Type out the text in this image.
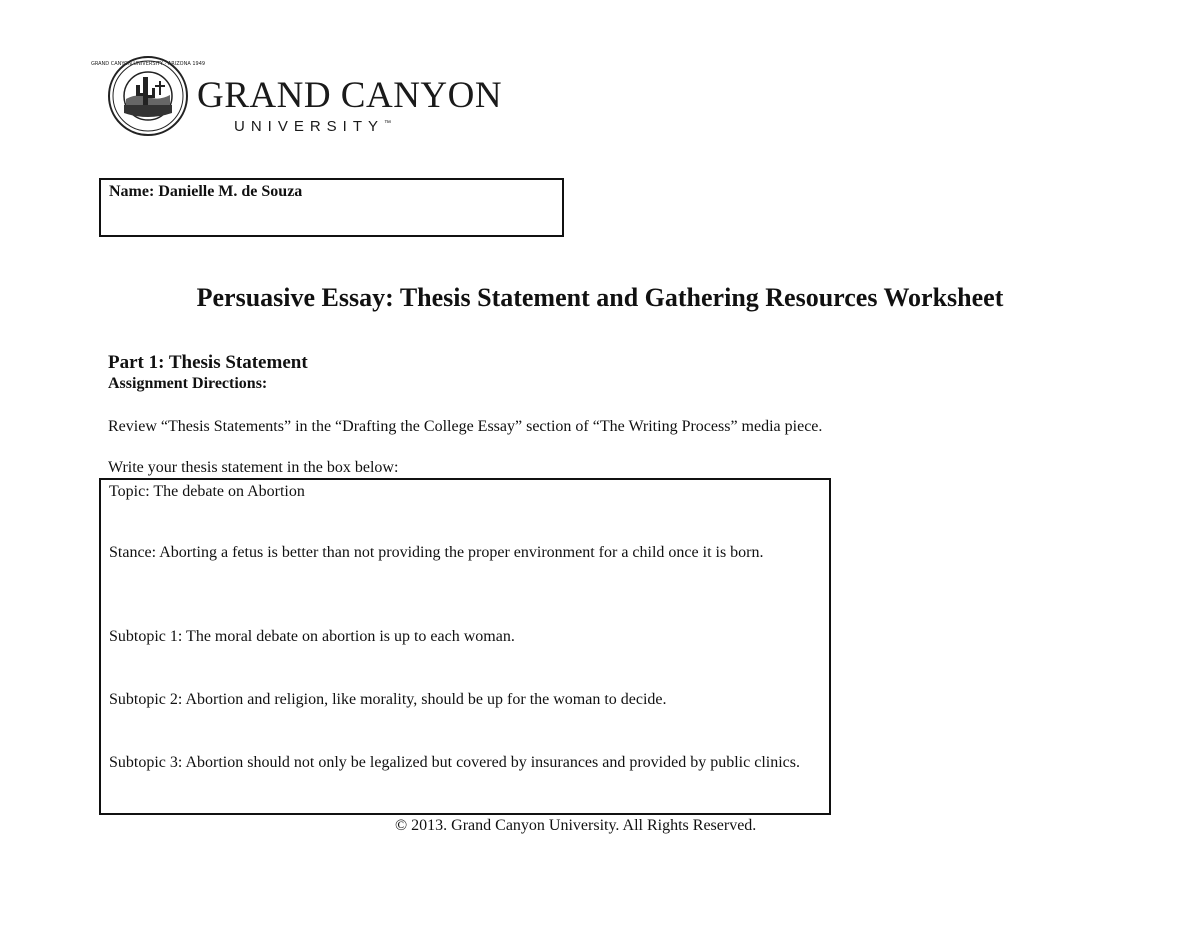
GRAND CANYON UNIVERSITY · ARIZONA 1949
GRAND CANYON
UNIVERSITY™
Name: Danielle M. de Souza
Persuasive Essay: Thesis Statement and Gathering Resources Worksheet
Part 1: Thesis Statement
Assignment Directions:
Review “Thesis Statements” in the “Drafting the College Essay” section of “The Writing Process” media piece.
Write your thesis statement in the box below:
Topic: The debate on Abortion
Stance: Aborting a fetus is better than not providing the proper environment for a child once it is born.
Subtopic 1: The moral debate on abortion is up to each woman.
Subtopic 2: Abortion and religion, like morality, should be up for the woman to decide.
Subtopic 3: Abortion should not only be legalized but covered by insurances and provided by public clinics.
© 2013. Grand Canyon University. All Rights Reserved.
